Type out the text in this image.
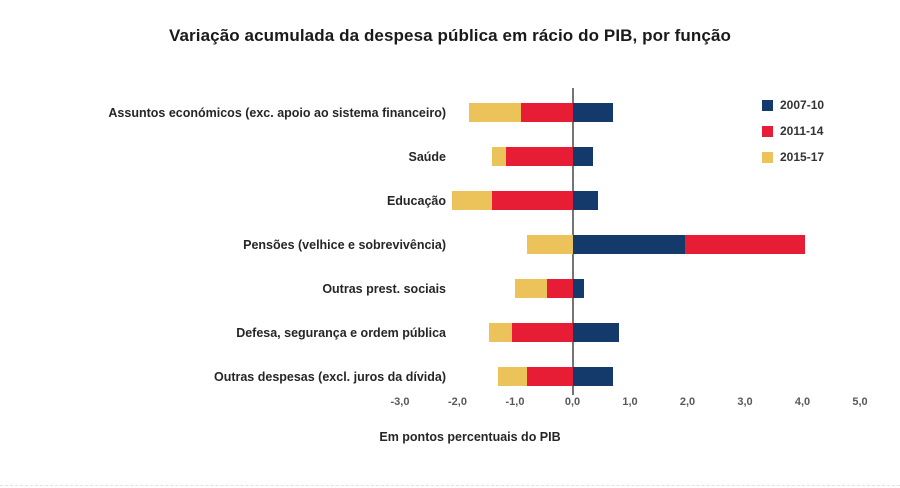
Variação acumulada da despesa pública em rácio do PIB, por função
Assuntos económicos (exc. apoio ao sistema financeiro)
Saúde
Educação
Pensões (velhice e sobrevivência)
Outras prest. sociais
Defesa, segurança e ordem pública
Outras despesas (excl. juros da dívida)
-3,0	-2,0	-1,0	0,0	1,0	2,0	3,0	4,0	5,0
2007-10
2011-14
2015-17
Em pontos percentuais do PIB
